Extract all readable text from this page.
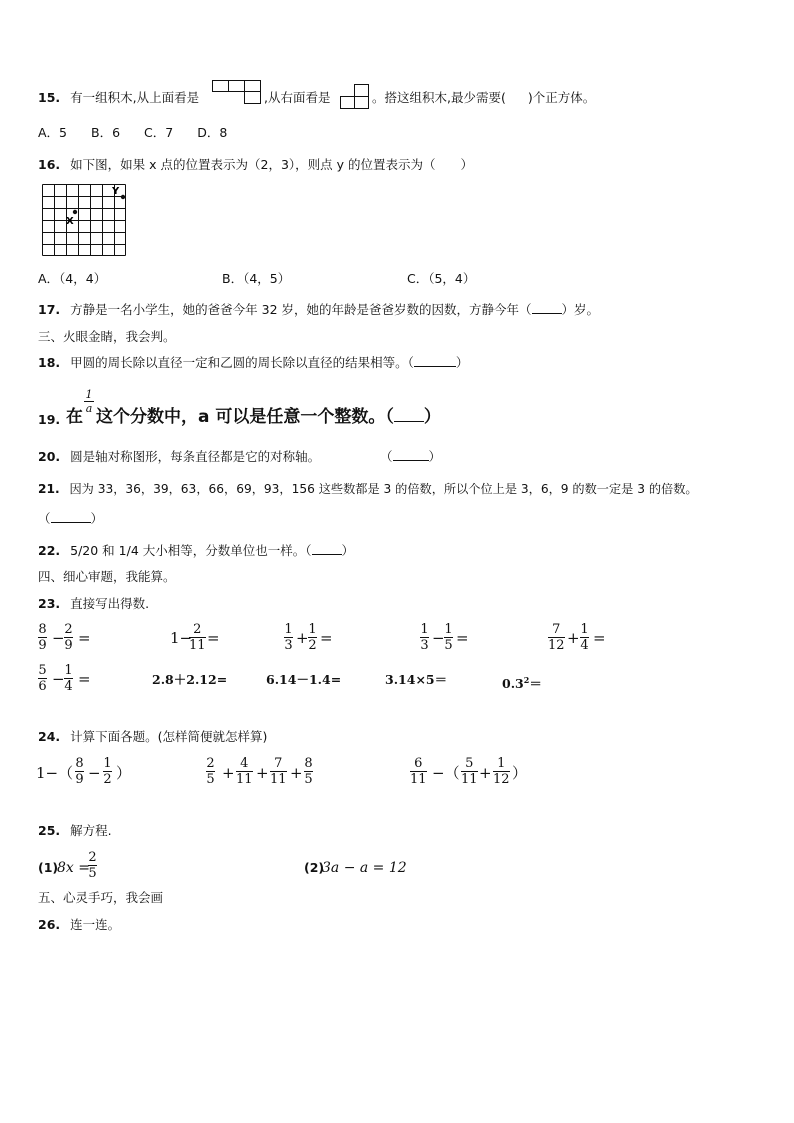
15. 有一组积木,从上面看是	,从右面看是	。搭这组积木,最少需要( )个正方体。
A．5 B．6 C．7 D．8
16. 如下图，如果 x 点的位置表示为（2，3），则点 y 的位置表示为（　　）
X
Y
A．（4，4）	B．（4，5）	C．（5，4）
17. 方静是一名小学生，她的爸爸今年 32 岁，她的年龄是爸爸岁数的因数，方静今年（ ）岁。
三、火眼金睛，我会判。
18. 甲圆的周长除以直径一定和乙圆的周长除以直径的结果相等。（	）
19. 在
1
a 这个分数中，a 可以是任意一个整数。（ ）
20. 圆是轴对称图形，每条直径都是它的对称轴。	（	）
21. 因为 33，36，39，63，66，69，93，156 这些数都是 3 的倍数，所以个位上是 3，6，9 的数一定是 3 的倍数。
（	）
22. 5/20 和 1/4 大小相等，分数单位也一样。（ ）
四、细心审题，我能算。
23. 直接写出得数.
8
9 − 2
9 =	1− 2
11 =	1
3 + 1
2 =	1
3 − 1
5 =	7
12 + 1
4 =
5
6 − 1
4 =	2.8＋2.12=	6.14－1.4=	3.14×5＝	$0.3^2=$
24. 计算下面各题。(怎样简便就怎样算)
1−（
8
9 −
1
2 ）
2
5 +
4
11 +
7
11 +
8
5
6
11 −（
5
11 +
1
12 ）
25. 解方程.
(1)
8x =
2
5	(2)
3a − a = 12
五、心灵手巧，我会画
26. 连一连。
